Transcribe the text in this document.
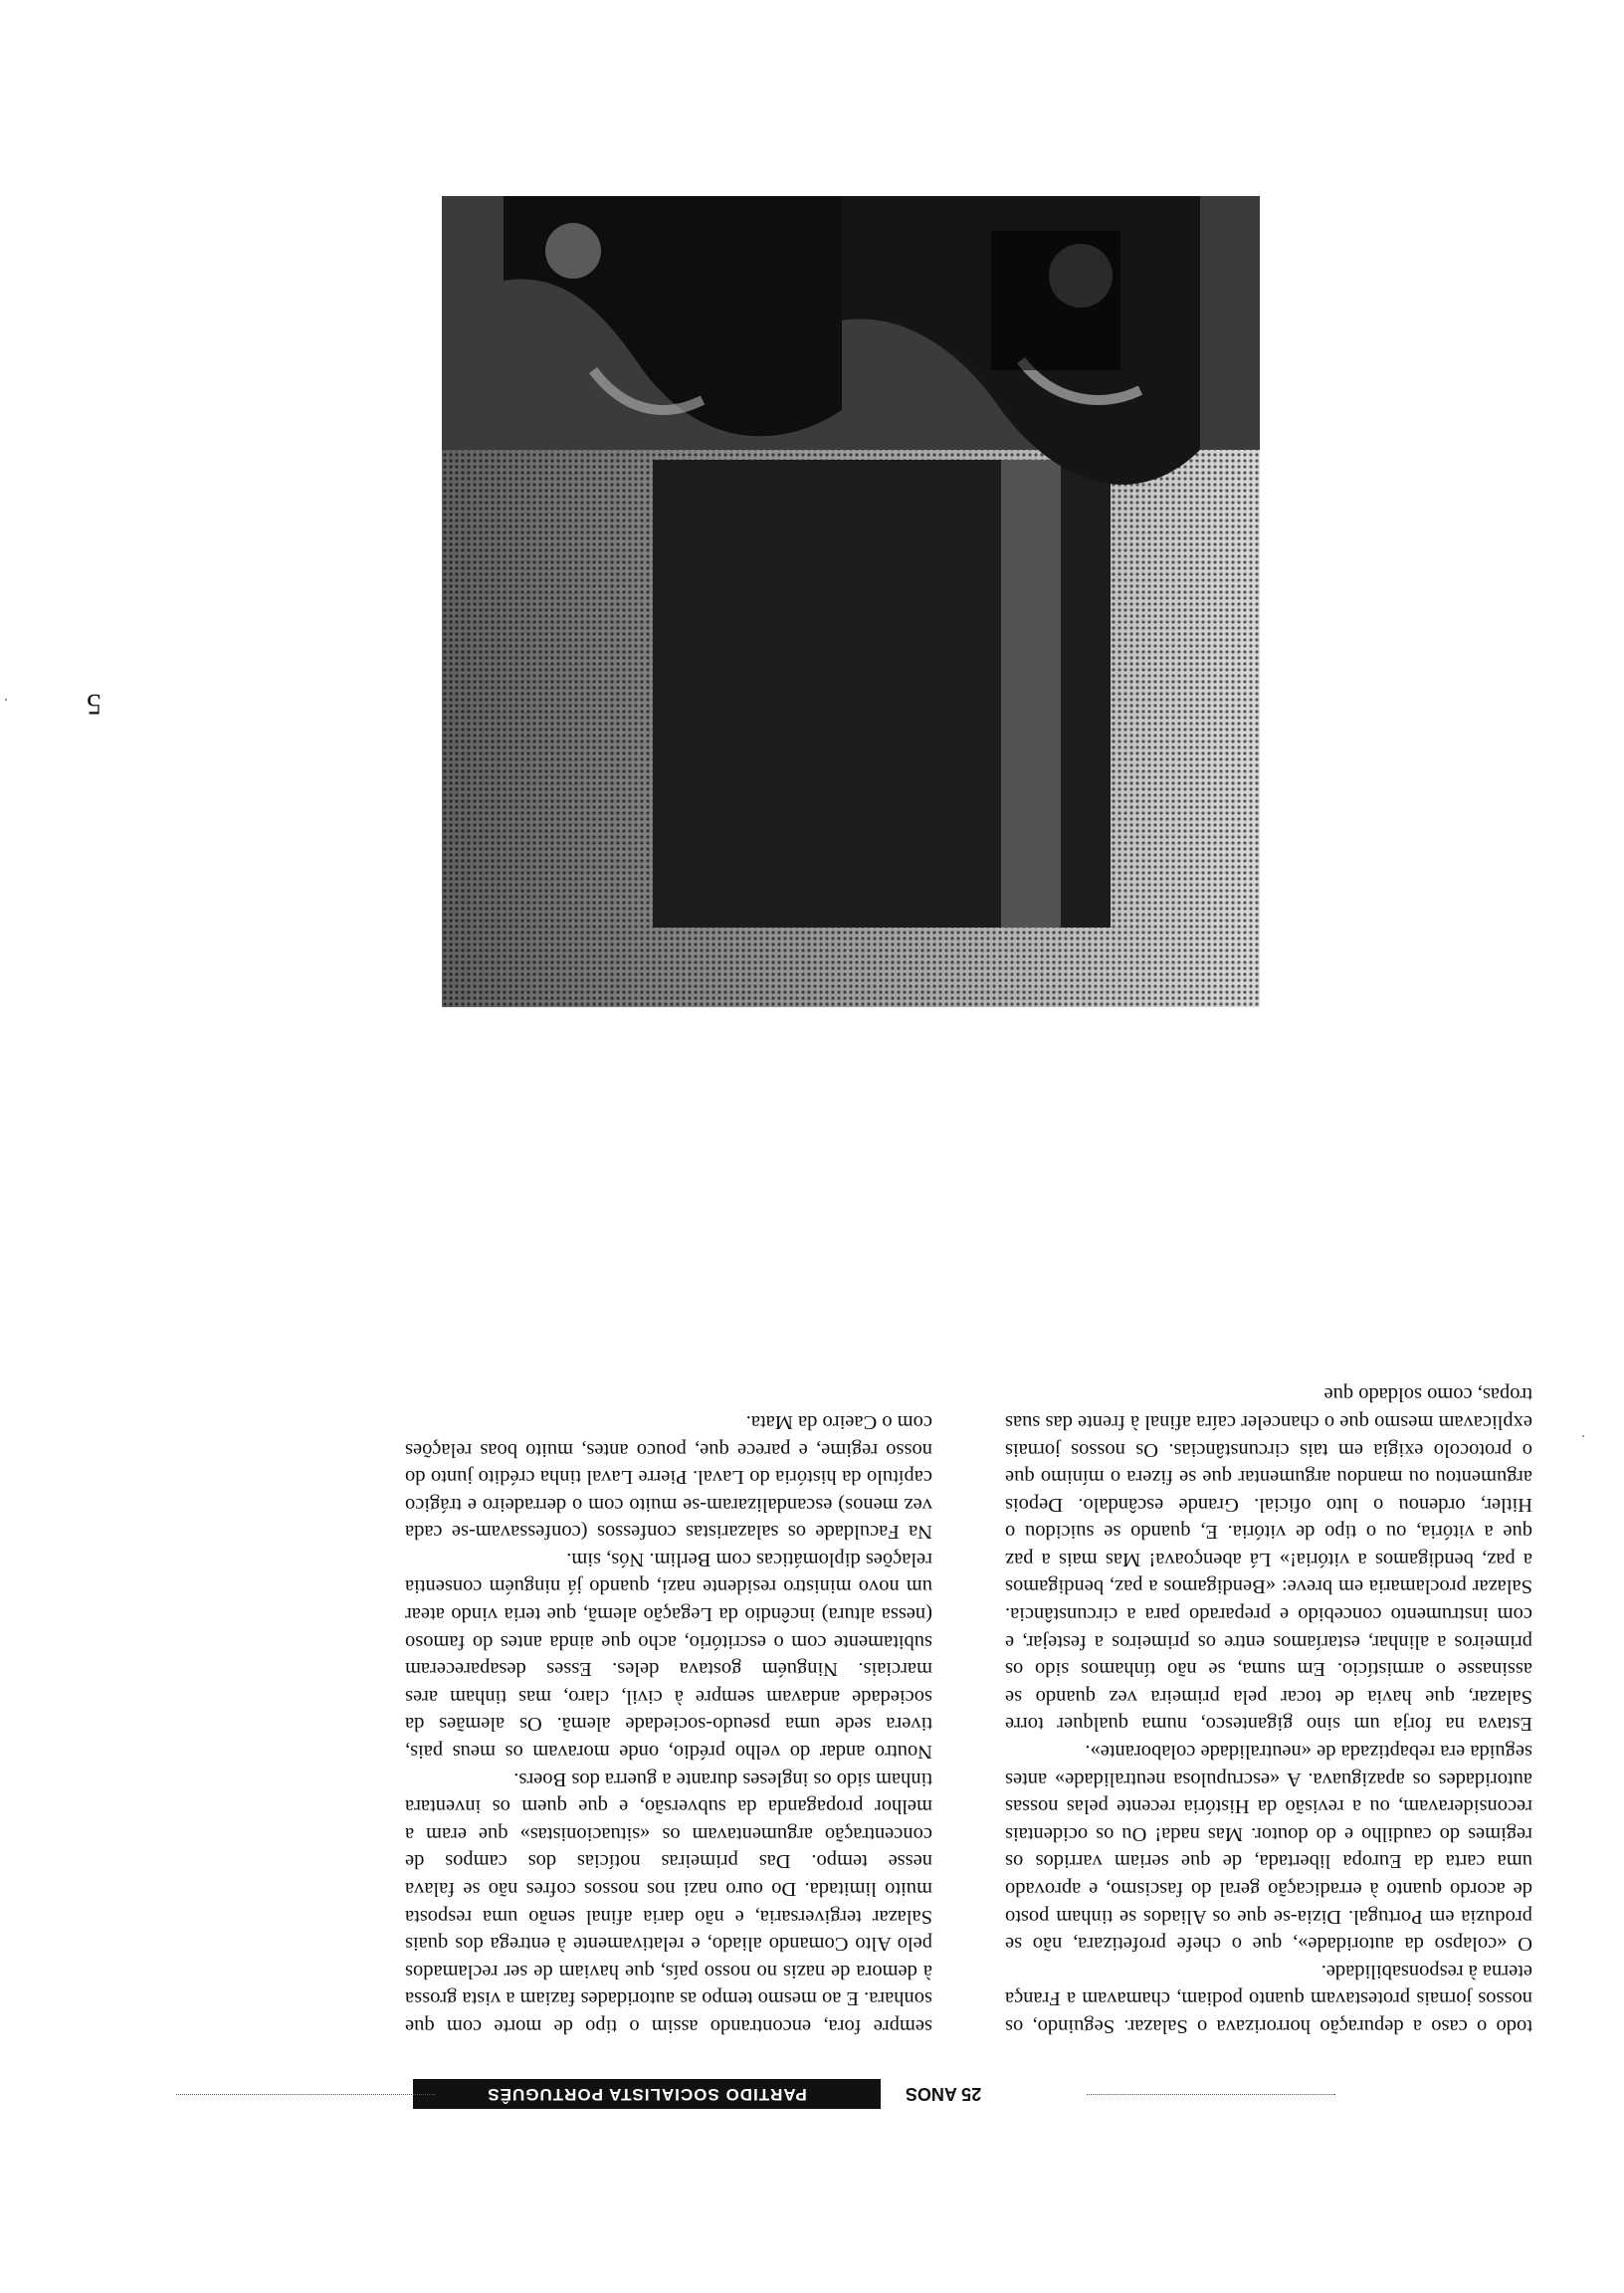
25 ANOS
PARTIDO SOCIALISTA PORTUGUÊS

todo o caso a depuração horrorizava o Salazar. Seguindo, os nossos jornais protestavam quanto podiam, chamavam a França eterna à responsabilidade.

O «colapso da autoridade», que o chefe profetizara, não se produzia em Portugal. Dizia-se que os Aliados se tinham posto de acordo quanto à erradicação geral do fascismo, e aprovado uma carta da Europa libertada, de que seriam varridos os regimes do caudilho e do doutor. Mas nada! Ou os ocidentais reconsideravam, ou a revisão da História recente pelas nossas autoridades os apaziguava. A «escrupulosa neutralidade» antes seguida era rebaptizada de «neutralidade colaborante».

Estava na forja um sino gigantesco, numa qualquer torre Salazar, que havia de tocar pela primeira vez quando se assinasse o armistício. Em suma, se não tínhamos sido os primeiros a alinhar, estaríamos entre os primeiros a festejar, e com instrumento concebido e preparado para a circunstância. Salazar proclamaria em breve: «Bendigamos a paz, bendigamos a paz, bendigamos a vitória!» Lá abençoava! Mas mais a paz que a vitória, ou o tipo de vitória. E, quando se suicidou o Hitler, ordenou o luto oficial. Grande escândalo. Depois argumentou ou mandou argumentar que se fizera o mínimo que o protocolo exigia em tais circunstâncias. Os nossos jornais explicavam mesmo que o chanceler caíra afinal à frente das suas tropas, como soldado que

sempre fora, encontrando assim o tipo de morte com que sonhara. E ao mesmo tempo as autoridades faziam a vista grossa à demora de nazis no nosso país, que haviam de ser reclamados pelo Alto Comando aliado, e relativamente à entrega dos quais Salazar tergiversaria, e não daria afinal senão uma resposta muito limitada. Do ouro nazi nos nossos cofres não se falava nesse tempo. Das primeiras notícias dos campos de concentração argumentavam os «situacionistas» que eram a melhor propaganda da subversão, e que quem os inventara tinham sido os ingleses durante a guerra dos Boers.

Noutro andar do velho prédio, onde moravam os meus pais, tivera sede uma pseudo-sociedade alemã. Os alemães da sociedade andavam sempre à civil, claro, mas tinham ares marciais. Ninguém gostava deles. Esses desapareceram subitamente com o escritório, acho que ainda antes do famoso (nessa altura) incêndio da Legação alemã, que teria vindo atear um novo ministro residente nazi, quando já ninguém consentia relações diplomáticas com Berlim. Nós, sim.

Na Faculdade os salazaristas confessos (confessavam-se cada vez menos) escandalizaram-se muito com o derradeiro e trágico capítulo da história do Laval. Pierre Laval tinha crédito junto do nosso regime, e parece que, pouco antes, muito boas relações com o Caeiro da Mata.

5
